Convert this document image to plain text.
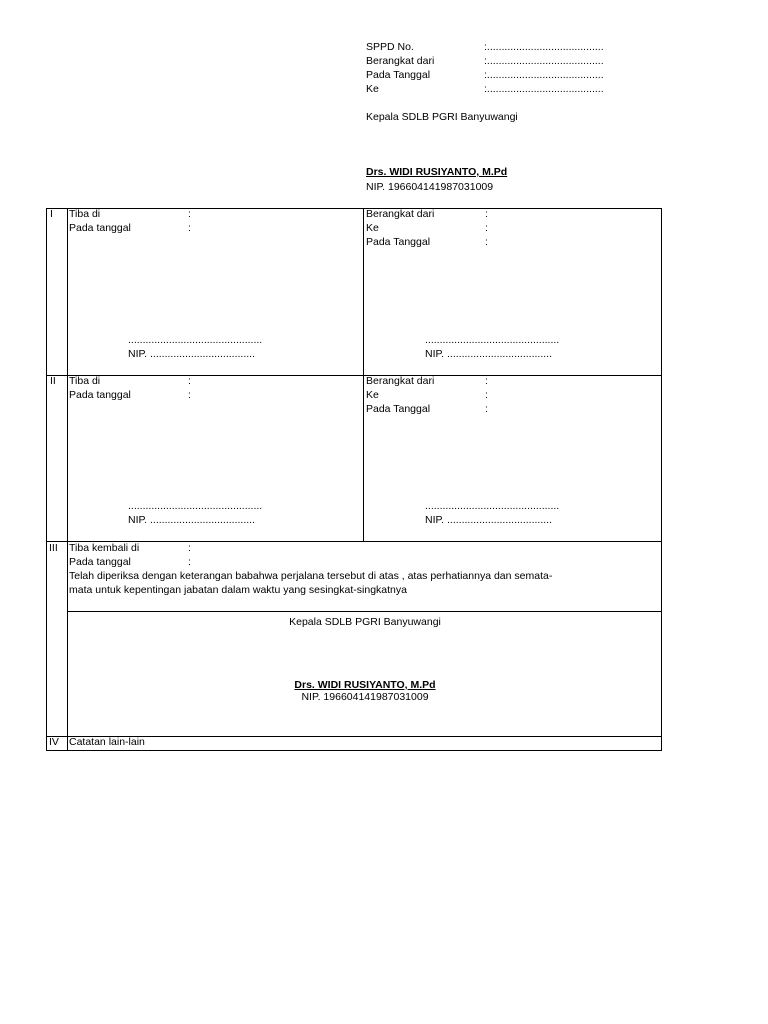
SPPD No.	:........................................
Berangkat dari	:........................................
Pada Tanggal	:........................................
Ke	:........................................
Kepala SDLB PGRI Banyuwangi
Drs. WIDI RUSIYANTO, M.Pd
NIP. 196604141987031009
I Tiba di	:
Pada tanggal	:
..............................................
NIP. ....................................
Berangkat dari	:
Ke	:
Pada Tanggal	:
..............................................
NIP. ....................................
II Tiba di	:
Pada tanggal	:
..............................................
NIP. ....................................
Berangkat dari	:
Ke	:
Pada Tanggal	:
..............................................
NIP. ....................................
III Tiba kembali di	:
Pada tanggal	:
Telah diperiksa dengan keterangan babahwa perjalana tersebut di atas , atas perhatiannya dan semata-
mata untuk kepentingan jabatan dalam waktu yang sesingkat-singkatnya
Kepala SDLB PGRI Banyuwangi
Drs. WIDI RUSIYANTO, M.Pd
NIP. 196604141987031009
IV Catatan lain-lain
